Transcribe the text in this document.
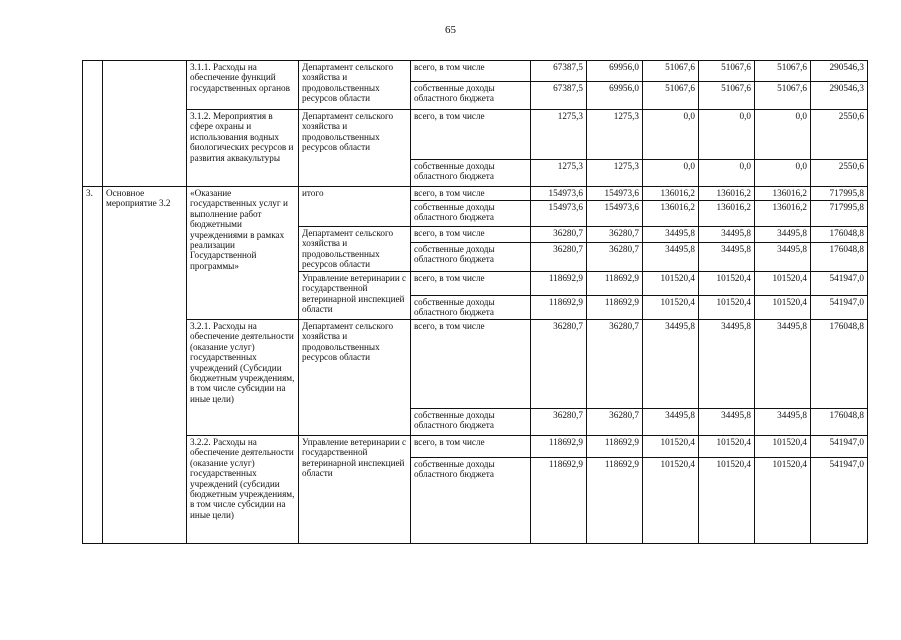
65
		3.1.1. Расходы на обеспечение функций государственных органов	Департамент сельского хозяйства и продовольственных ресурсов области	всего, в том числе	67387,5	69956,0	51067,6	51067,6	51067,6	290546,3
				собственные доходы областного бюджета	67387,5	69956,0	51067,6	51067,6	51067,6	290546,3
		3.1.2. Мероприятия в сфере охраны и использования водных биологических ресурсов и развития аквакультуры	Департамент сельского хозяйства и продовольственных ресурсов области	всего, в том числе	1275,3	1275,3	0,0	0,0	0,0	2550,6
				собственные доходы областного бюджета	1275,3	1275,3	0,0	0,0	0,0	2550,6
3.	Основное мероприятие 3.2	«Оказание государственных услуг и выполнение работ бюджетными учреждениями в рамках реализации Государственной программы»	итого	всего, в том числе	154973,6	154973,6	136016,2	136016,2	136016,2	717995,8
				собственные доходы областного бюджета	154973,6	154973,6	136016,2	136016,2	136016,2	717995,8
			Департамент сельского хозяйства и продовольственных ресурсов области	всего, в том числе	36280,7	36280,7	34495,8	34495,8	34495,8	176048,8
				собственные доходы областного бюджета	36280,7	36280,7	34495,8	34495,8	34495,8	176048,8
			Управление ветеринарии с государственной ветеринарной инспекцией области	всего, в том числе	118692,9	118692,9	101520,4	101520,4	101520,4	541947,0
				собственные доходы областного бюджета	118692,9	118692,9	101520,4	101520,4	101520,4	541947,0
		3.2.1. Расходы на обеспечение деятельности (оказание услуг) государственных учреждений (Субсидии бюджетным учреждениям, в том числе субсидии на иные цели)	Департамент сельского хозяйства и продовольственных ресурсов области	всего, в том числе	36280,7	36280,7	34495,8	34495,8	34495,8	176048,8
				собственные доходы областного бюджета	36280,7	36280,7	34495,8	34495,8	34495,8	176048,8
		3.2.2. Расходы на обеспечение деятельности (оказание услуг) государственных учреждений (субсидии бюджетным учреждениям, в том числе субсидии на иные цели)	Управление ветеринарии с государственной ветеринарной инспекцией области	всего, в том числе	118692,9	118692,9	101520,4	101520,4	101520,4	541947,0
				собственные доходы областного бюджета	118692,9	118692,9	101520,4	101520,4	101520,4	541947,0
